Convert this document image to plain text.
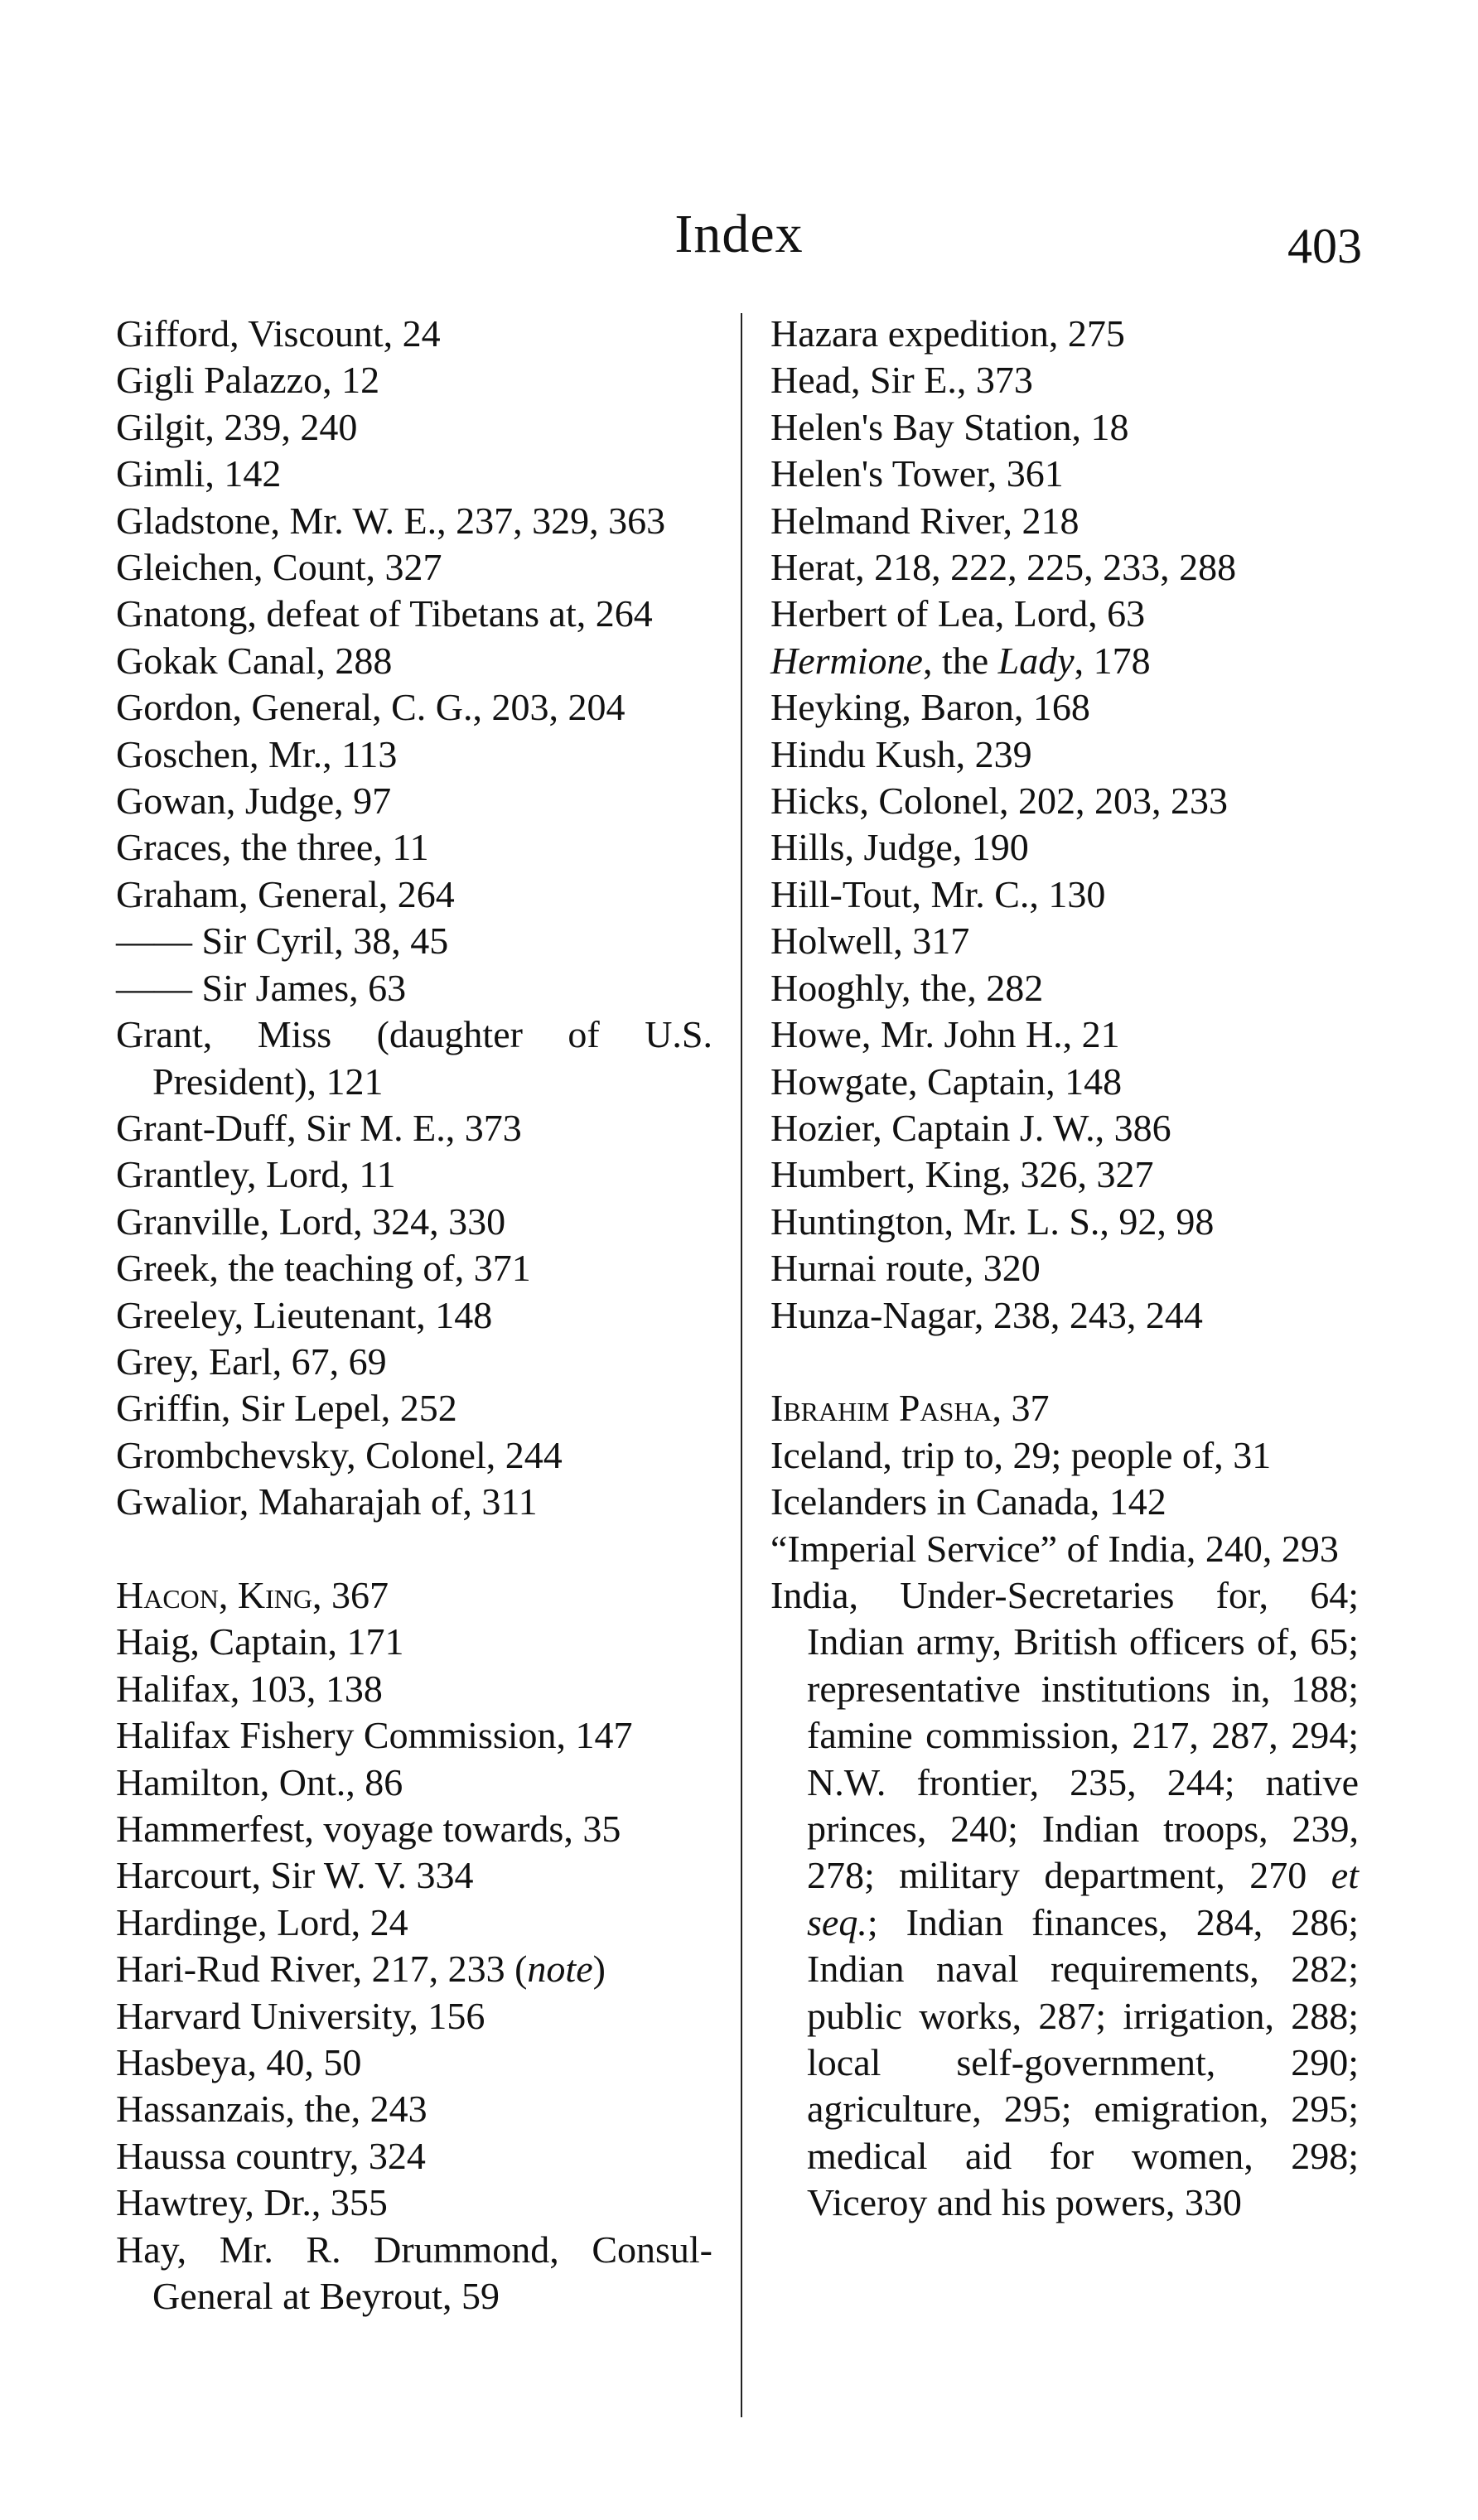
Index	403
Gifford, Viscount, 24
Gigli Palazzo, 12
Gilgit, 239, 240
Gimli, 142
Gladstone, Mr. W. E., 237, 329, 363
Gleichen, Count, 327
Gnatong, defeat of Tibetans at, 264
Gokak Canal, 288
Gordon, General, C. G., 203, 204
Goschen, Mr., 113
Gowan, Judge, 97
Graces, the three, 11
Graham, General, 264
—— Sir Cyril, 38, 45
—— Sir James, 63
Grant, Miss (daughter of U.S. President), 121
Grant-Duff, Sir M. E., 373
Grantley, Lord, 11
Granville, Lord, 324, 330
Greek, the teaching of, 371
Greeley, Lieutenant, 148
Grey, Earl, 67, 69
Griffin, Sir Lepel, 252
Grombchevsky, Colonel, 244
Gwalior, Maharajah of, 311
Hacon, King, 367
Haig, Captain, 171
Halifax, 103, 138
Halifax Fishery Commission, 147
Hamilton, Ont., 86
Hammerfest, voyage towards, 35
Harcourt, Sir W. V. 334
Hardinge, Lord, 24
Hari-Rud River, 217, 233 (note)
Harvard University, 156
Hasbeya, 40, 50
Hassanzais, the, 243
Haussa country, 324
Hawtrey, Dr., 355
Hay, Mr. R. Drummond, Consul-General at Beyrout, 59
Hazara expedition, 275
Head, Sir E., 373
Helen's Bay Station, 18
Helen's Tower, 361
Helmand River, 218
Herat, 218, 222, 225, 233, 288
Herbert of Lea, Lord, 63
Hermione, the Lady, 178
Heyking, Baron, 168
Hindu Kush, 239
Hicks, Colonel, 202, 203, 233
Hills, Judge, 190
Hill-Tout, Mr. C., 130
Holwell, 317
Hooghly, the, 282
Howe, Mr. John H., 21
Howgate, Captain, 148
Hozier, Captain J. W., 386
Humbert, King, 326, 327
Huntington, Mr. L. S., 92, 98
Hurnai route, 320
Hunza-Nagar, 238, 243, 244
Ibrahim Pasha, 37
Iceland, trip to, 29; people of, 31
Icelanders in Canada, 142
“Imperial Service” of India, 240, 293
India, Under-Secretaries for, 64; Indian army, British officers of, 65; representative institutions in, 188; famine commission, 217, 287, 294; N.W. frontier, 235, 244; native princes, 240; Indian troops, 239, 278; military department, 270 et seq.; Indian finances, 284, 286; Indian naval requirements, 282; public works, 287; irrigation, 288; local self-government, 290; agriculture, 295; emigration, 295; medical aid for women, 298; Viceroy and his powers, 330
